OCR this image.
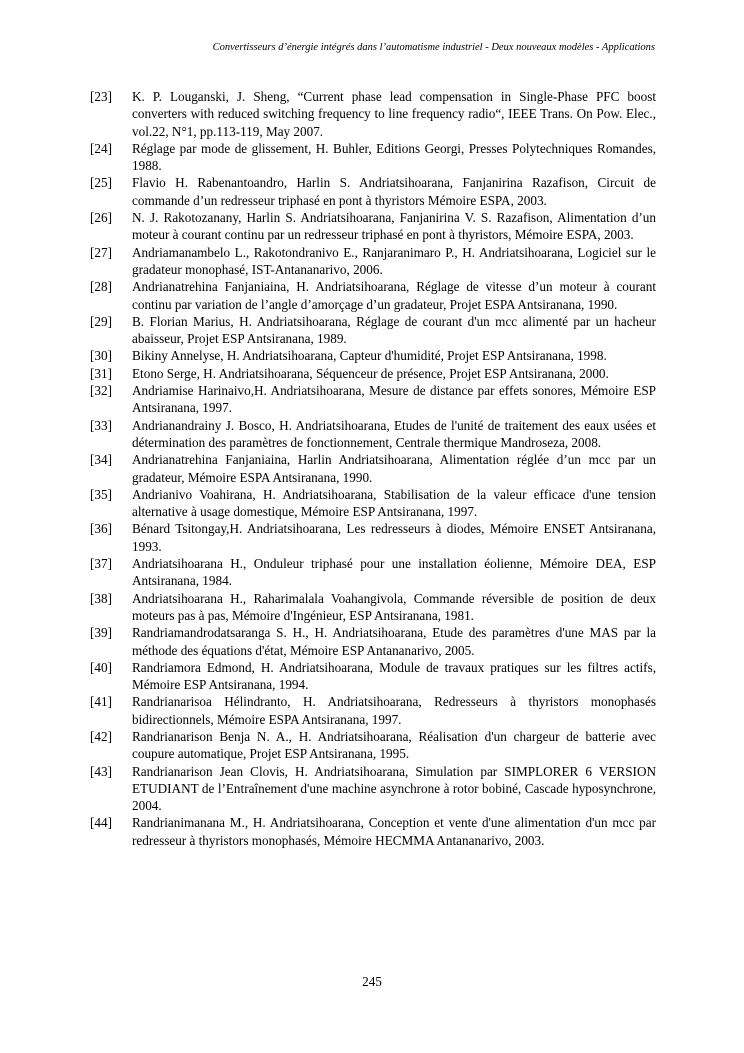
Convertisseurs d’énergie intégrés dans l’automatisme industriel - Deux nouveaux modèles - Applications
[23]	K. P. Louganski, J. Sheng, “Current phase lead compensation in Single-Phase PFC boost converters with reduced switching frequency to line frequency radio“, IEEE Trans. On Pow. Elec., vol.22, N°1, pp.113-119, May 2007.
[24]	Réglage par mode de glissement, H. Buhler, Editions Georgi, Presses Polytechniques Romandes, 1988.
[25]	Flavio H. Rabenantoandro, Harlin S. Andriatsihoarana, Fanjanirina Razafison, Circuit de commande d’un redresseur triphasé en pont à thyristors Mémoire ESPA, 2003.
[26]	N. J. Rakotozanany, Harlin S. Andriatsihoarana, Fanjanirina V. S. Razafison, Alimentation d’un moteur à courant continu par un redresseur triphasé en pont à thyristors, Mémoire ESPA, 2003.
[27]	Andriamanambelo L., Rakotondranivo E., Ranjaranimaro P., H. Andriatsihoarana, Logiciel sur le gradateur monophasé, IST-Antananarivo, 2006.
[28]	Andrianatrehina Fanjaniaina, H. Andriatsihoarana, Réglage de vitesse d’un moteur à courant continu par variation de l’angle d’amorçage d’un gradateur, Projet ESPA Antsiranana, 1990.
[29]	B. Florian Marius, H. Andriatsihoarana, Réglage de courant d'un mcc alimenté par un hacheur abaisseur, Projet ESP Antsiranana, 1989.
[30]	Bikiny Annelyse, H. Andriatsihoarana, Capteur d'humidité, Projet ESP Antsiranana, 1998.
[31]	Etono Serge, H. Andriatsihoarana, Séquenceur de présence, Projet ESP Antsiranana, 2000.
[32]	Andriamise Harinaivo,H. Andriatsihoarana, Mesure de distance par effets sonores, Mémoire ESP Antsiranana, 1997.
[33]	Andrianandrainy J. Bosco, H. Andriatsihoarana, Etudes de l'unité de traitement des eaux usées et détermination des paramètres de fonctionnement, Centrale thermique Mandroseza, 2008.
[34]	Andrianatrehina Fanjaniaina, Harlin Andriatsihoarana, Alimentation réglée d’un mcc par un gradateur, Mémoire ESPA Antsiranana, 1990.
[35]	Andrianivo Voahirana, H. Andriatsihoarana, Stabilisation de la valeur efficace d'une tension alternative à usage domestique, Mémoire ESP Antsiranana, 1997.
[36]	Bénard Tsitongay,H. Andriatsihoarana, Les redresseurs à diodes, Mémoire ENSET Antsiranana, 1993.
[37]	Andriatsihoarana H., Onduleur triphasé pour une installation éolienne, Mémoire DEA, ESP Antsiranana, 1984.
[38]	Andriatsihoarana H., Raharimalala Voahangivola, Commande réversible de position de deux moteurs pas à pas, Mémoire d'Ingénieur, ESP Antsiranana, 1981.
[39]	Randriamandrodatsaranga S. H., H. Andriatsihoarana, Etude des paramètres d'une MAS par la méthode des équations d'état, Mémoire ESP Antananarivo, 2005.
[40]	Randriamora Edmond, H. Andriatsihoarana, Module de travaux pratiques sur les filtres actifs, Mémoire ESP Antsiranana, 1994.
[41]	Randrianarisoa Hélindranto, H. Andriatsihoarana, Redresseurs à thyristors monophasés bidirectionnels, Mémoire ESPA Antsiranana, 1997.
[42]	Randrianarison Benja N. A., H. Andriatsihoarana, Réalisation d'un chargeur de batterie avec coupure automatique, Projet ESP Antsiranana, 1995.
[43]	Randrianarison Jean Clovis, H. Andriatsihoarana, Simulation par SIMPLORER 6 VERSION ETUDIANT de l’Entraînement d'une machine asynchrone à rotor bobiné, Cascade hyposynchrone, 2004.
[44]	Randrianimanana M., H. Andriatsihoarana, Conception et vente d'une alimentation d'un mcc par redresseur à thyristors monophasés, Mémoire HECMMA Antananarivo, 2003.
245
